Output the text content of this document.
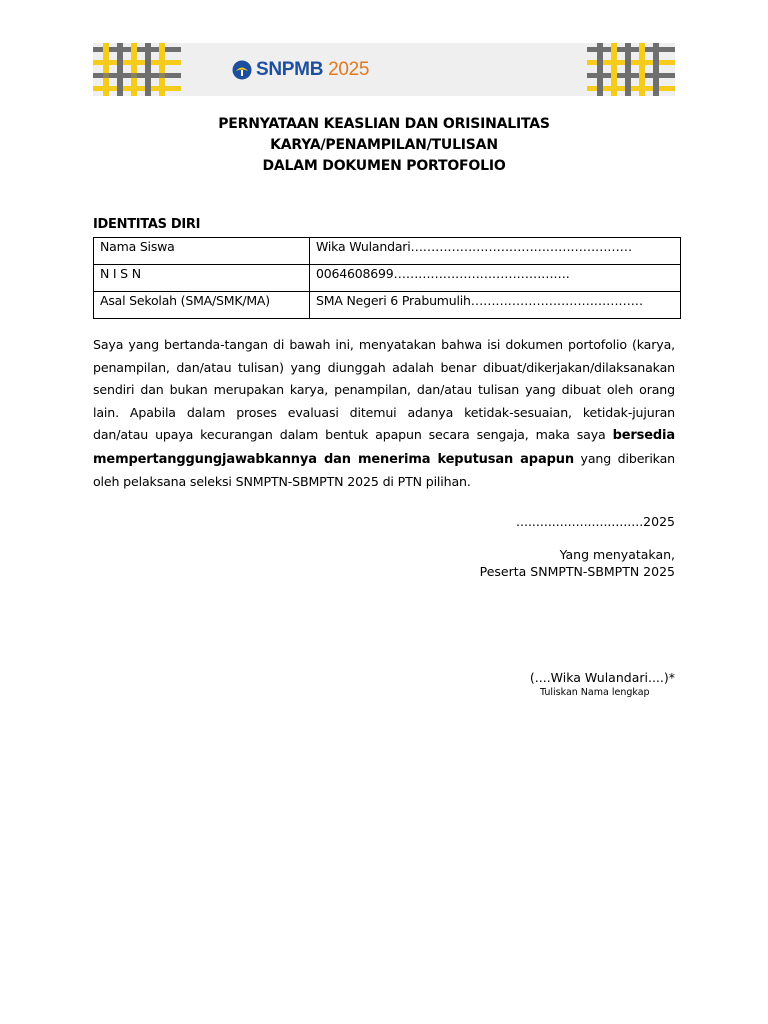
SNPMB 2025
PERNYATAAN KEASLIAN DAN ORISINALITAS
KARYA/PENAMPILAN/TULISAN
DALAM DOKUMEN PORTOFOLIO
IDENTITAS DIRI
Nama Siswa	Wika Wulandari………………………………………………
N I S N	0064608699…………………………………….
Asal Sekolah (SMA/SMK/MA)	SMA Negeri 6 Prabumulih……………………………………
Saya yang bertanda-tangan di bawah ini, menyatakan bahwa isi dokumen portofolio (karya, penampilan, dan/atau tulisan) yang diunggah adalah benar dibuat/dikerjakan/dilaksanakan sendiri dan bukan merupakan karya, penampilan, dan/atau tulisan yang dibuat oleh orang lain. Apabila dalam proses evaluasi ditemui adanya ketidak-sesuaian, ketidak-jujuran dan/atau upaya kecurangan dalam bentuk apapun secara sengaja, maka saya bersedia mempertanggungjawabkannya dan menerima keputusan apapun yang diberikan oleh pelaksana seleksi SNMPTN-SBMPTN 2025 di PTN pilihan.
................................2025
Yang menyatakan,
Peserta SNMPTN-SBMPTN 2025
(....Wika Wulandari....)*
Tuliskan Nama lengkap
